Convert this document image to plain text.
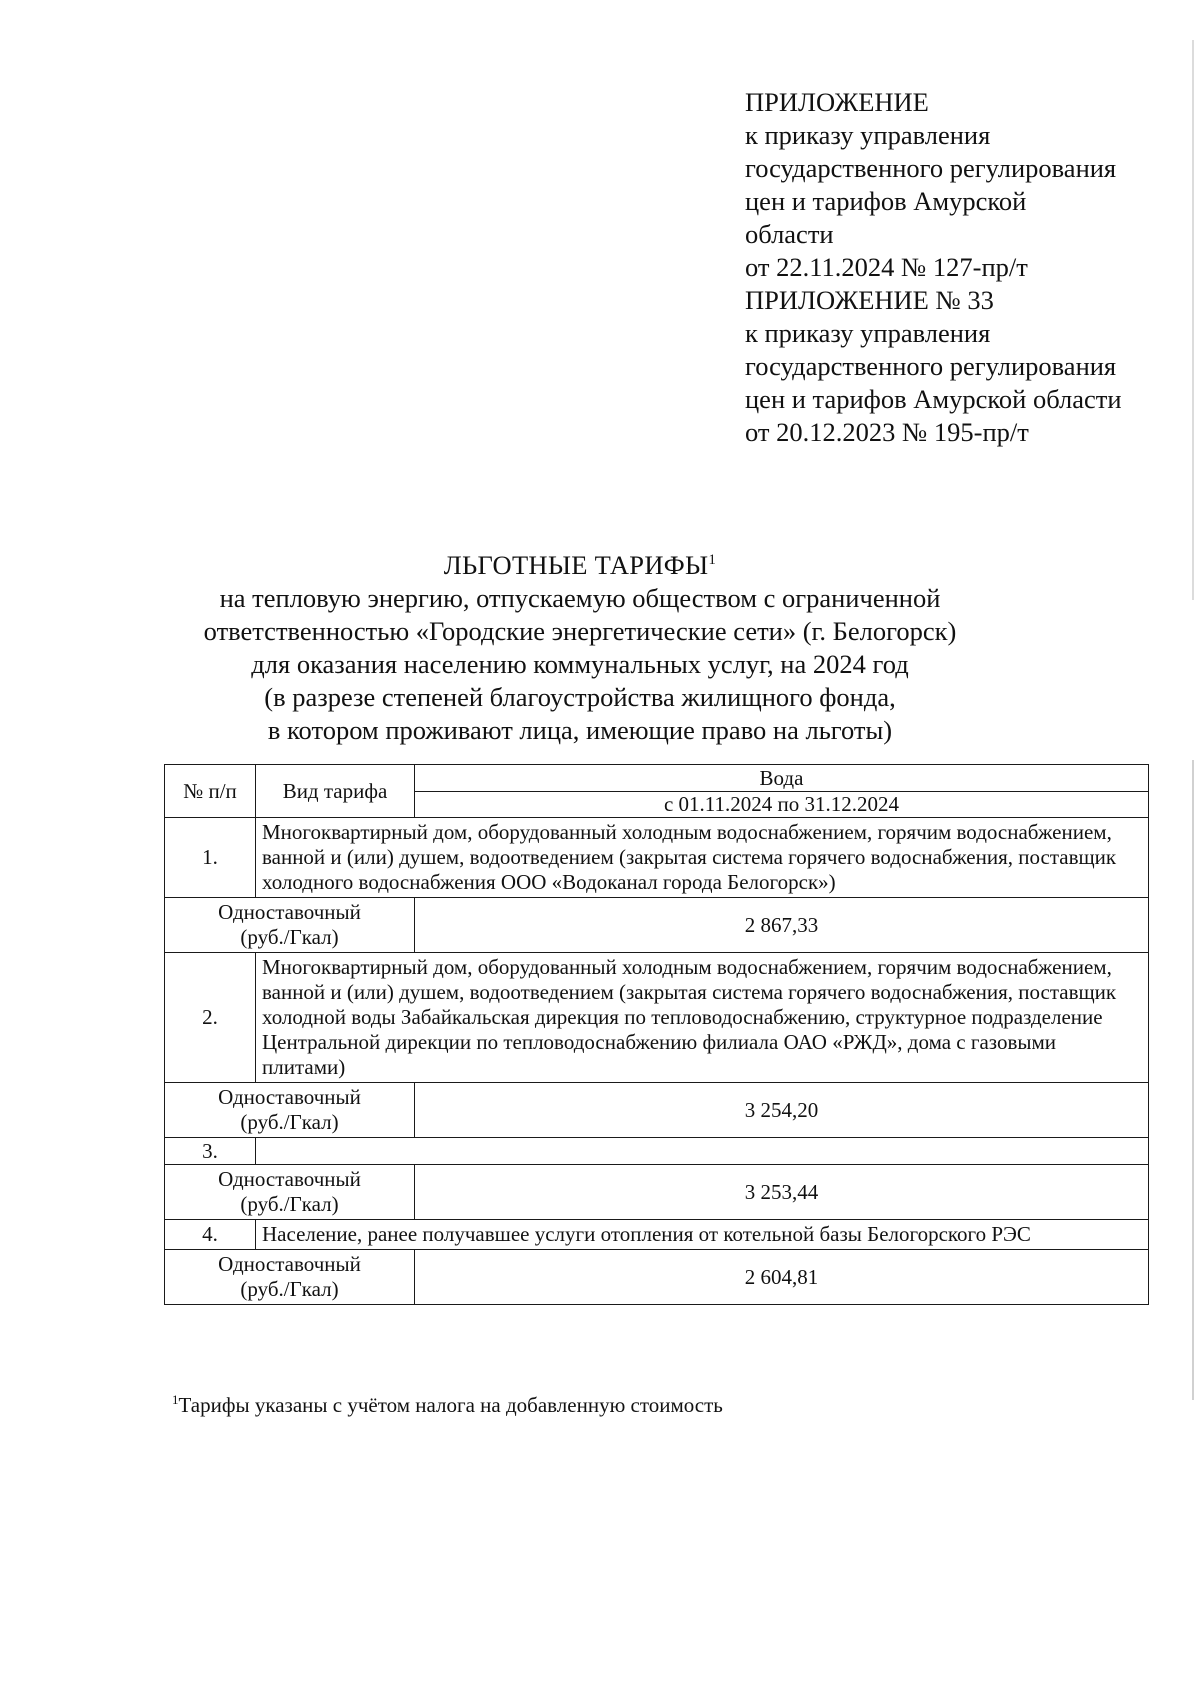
ПРИЛОЖЕНИЕ
к приказу управления
государственного регулирования
цен и тарифов Амурской
области
от 22.11.2024 № 127-пр/т
ПРИЛОЖЕНИЕ № 33
к приказу управления
государственного регулирования
цен и тарифов Амурской области
от 20.12.2023 № 195-пр/т
ЛЬГОТНЫЕ ТАРИФЫ$^1$
на тепловую энергию, отпускаемую обществом с ограниченной
ответственностью «Городские энергетические сети» (г. Белогорск)
для оказания населению коммунальных услуг, на 2024 год
(в разрезе степеней благоустройства жилищного фонда,
в котором проживают лица, имеющие право на льготы)
№ п/п	Вид тарифа	Вода
		с 01.11.2024 по 31.12.2024
1.	Многоквартирный дом, оборудованный холодным водоснабжением, горячим водоснабжением, ванной и (или) душем, водоотведением (закрытая система горячего водоснабжения, поставщик холодного водоснабжения ООО «Водоканал города Белогорск»)	

Одноставочный
(руб./Гкал)		2 867,33
2.	Многоквартирный дом, оборудованный холодным водоснабжением, горячим водоснабжением, ванной и (или) душем, водоотведением (закрытая система горячего водоснабжения, поставщик холодной воды Забайкальская дирекция по тепловодоснабжению, структурное подразделение Центральной дирекции по тепловодоснабжению филиала ОАО «РЖД», дома с газовыми плитами)	

Одноставочный
(руб./Гкал)		3 254,20
3.		

Одноставочный
(руб./Гкал)		3 253,44
4.	Население, ранее получавшее услуги отопления от котельной базы Белогорского РЭС	

Одноставочный
(руб./Гкал)		2 604,81
$^1$Тарифы указаны с учётом налога на добавленную стоимость
